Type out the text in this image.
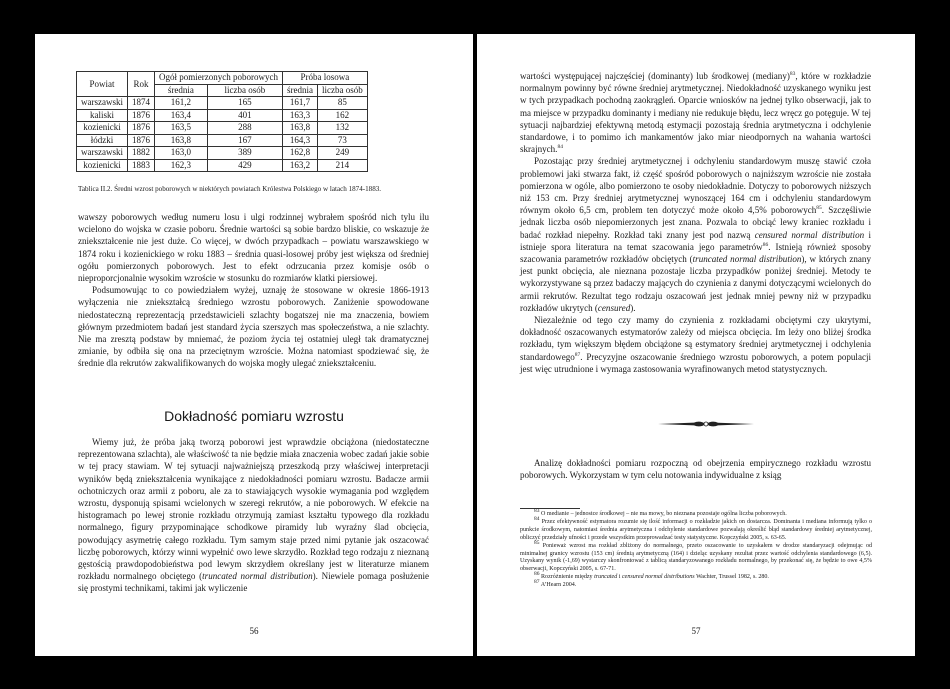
Powiat	Rok	Ogół pomierzonych poborowych		Próba losowa	
		średnia	liczba osób	średnia	liczba osób
warszawski	1874	161,2	165	161,7	85
kaliski	1876	163,4	401	163,3	162
kozienicki	1876	163,5	288	163,8	132
łódzki	1876	163,8	167	164,3	73
warszawski	1882	163,0	389	162,8	249
kozienicki	1883	162,3	429	163,2	214
Tablica II.2. Średni wzrost poborowych w niektórych powiatach Królestwa Polskiego w latach 1874-1883.

wawszy poborowych według numeru losu i ulgi rodzinnej wybrałem spośród nich tylu ilu wcielono do wojska w czasie poboru. Średnie wartości są sobie bardzo bliskie, co wskazuje że zniekształcenie nie jest duże. Co więcej, w dwóch przypadkach – powiatu warszawskiego w 1874 roku i kozienickiego w roku 1883 – średnia quasi-losowej próby jest większa od średniej ogółu pomierzonych poborowych. Jest to efekt odrzucania przez komisje osób o nieproporcjonalnie wysokim wzroście w stosunku do rozmiarów klatki piersiowej.

Podsumowując to co powiedziałem wyżej, uznaję że stosowane w okresie 1866-1913 wyłączenia nie zniekształcą średniego wzrostu poborowych. Zaniżenie spowodowane niedostateczną reprezentacją przedstawicieli szlachty bogatszej nie ma znaczenia, bowiem głównym przedmiotem badań jest standard życia szerszych mas społeczeństwa, a nie szlachty. Nie ma zresztą podstaw by mniemać, że poziom życia tej ostatniej uległ tak dramatycznej zmianie, by odbiła się ona na przeciętnym wzroście. Można natomiast spodziewać się, że średnie dla rekrutów zakwalifikowanych do wojska mogły ulegać zniekształceniu.

Dokładność pomiaru wzrostu

Wiemy już, że próba jaką tworzą poborowi jest wprawdzie obciążona (niedostateczne reprezentowana szlachta), ale właściwość ta nie będzie miała znaczenia wobec zadań jakie sobie w tej pracy stawiam. W tej sytuacji najważniejszą przeszkodą przy właściwej interpretacji wyników będą zniekształcenia wynikające z niedokładności pomiaru wzrostu. Badacze armii ochotniczych oraz armii z poboru, ale za to stawiających wysokie wymagania pod względem wzrostu, dysponują spisami wcielonych w szeregi rekrutów, a nie poborowych. W efekcie na histogramach po lewej stronie rozkładu otrzymują zamiast kształtu typowego dla rozkładu normalnego, figury przypominające schodkowe piramidy lub wyraźny ślad obcięcia, powodujący asymetrię całego rozkładu. Tym samym staje przed nimi pytanie jak oszacować liczbę poborowych, którzy winni wypełnić owo lewe skrzydło. Rozkład tego rodzaju z nieznaną gęstością prawdopodobieństwa pod lewym skrzydłem określany jest w literaturze mianem rozkładu normalnego obciętego (truncated normal distribution). Niewiele pomaga posłużenie się prostymi technikami, takimi jak wyliczenie

56

wartości występującej najczęściej (dominanty) lub środkowej (mediany)$^{83}$, które w rozkładzie normalnym powinny być równe średniej arytmetycznej. Niedokładność uzyskanego wyniku jest w tych przypadkach pochodną zaokrągleń. Oparcie wniosków na jednej tylko obserwacji, jak to ma miejsce w przypadku dominanty i mediany nie redukuje błędu, lecz wręcz go potęguje. W tej sytuacji najbardziej efektywną metodą estymacji pozostają średnia arytmetyczna i odchylenie standardowe, i to pomimo ich mankamentów jako miar nieodpornych na wahania wartości skrajnych.$^{84}$

Pozostając przy średniej arytmetycznej i odchyleniu standardowym muszę stawić czoła problemowi jaki stwarza fakt, iż część spośród poborowych o najniższym wzroście nie została pomierzona w ogóle, albo pomierzono te osoby niedokładnie. Dotyczy to poborowych niższych niż 153 cm. Przy średniej arytmetycznej wynoszącej 164 cm i odchyleniu standardowym równym około 6,5 cm, problem ten dotyczyć może około 4,5% poborowych$^{85}$. Szczęśliwie jednak liczba osób niepomierzonych jest znana. Pozwala to obciąć lewy kraniec rozkładu i badać rozkład niepełny. Rozkład taki znany jest pod nazwą censured normal distribution i istnieje spora literatura na temat szacowania jego parametrów$^{86}$. Istnieją również sposoby szacowania parametrów rozkładów obciętych (truncated normal distribution), w których znany jest punkt obcięcia, ale nieznana pozostaje liczba przypadków poniżej średniej. Metody te wykorzystywane są przez badaczy mających do czynienia z danymi dotyczącymi wcielonych do armii rekrutów. Rezultat tego rodzaju oszacowań jest jednak mniej pewny niż w przypadku rozkładów ukrytych (censured).

Niezależnie od tego czy mamy do czynienia z rozkładami obciętymi czy ukrytymi, dokładność oszacowanych estymatorów zależy od miejsca obcięcia. Im leży ono bliżej środka rozkładu, tym większym błędem obciążone są estymatory średniej arytmetycznej i odchylenia standardowego$^{87}$. Precyzyjne oszacowanie średniego wzrostu poborowych, a potem populacji jest więc utrudnione i wymaga zastosowania wyrafinowanych metod statystycznych.

Analizę dokładności pomiaru rozpoczną od obejrzenia empirycznego rozkładu wzrostu poborowych. Wykorzystam w tym celu notowania indywidualne z ksiąg

$^{83}$ O medianie – jednostce środkowej – nie ma mowy, bo nieznana pozostaje ogólna liczba poborowych.

$^{84}$ Przez efektywność estymatora rozumie się ilość informacji o rozkładzie jakich on dostarcza. Dominanta i mediana informują tylko o punkcie środkowym, natomiast średnia arytmetyczna i odchylenie standardowe pozwalają określić błąd standardowy średniej arytmetycznej, obliczyć przedziały ufności i przede wszystkim przeprowadzać testy statystyczne. Kopczyński 2005, s. 63-65.

$^{85}$ Ponieważ wzrost ma rozkład zbliżony do normalnego, przeto oszacowanie to uzyskałem w drodze standaryzacji odejmując od minimalnej granicy wzrostu (153 cm) średnią arytmetyczną (164) i dzieląc uzyskany rezultat przez wartość odchylenia standardowego (6,5). Uzyskany wynik (-1,69) wystarczy skonfrontować z tablicą standaryzowanego rozkładu normalnego, by przekonać się, że będzie to owe 4,5% obserwacji, Kopczyński 2005, s. 67-71.

$^{86}$ Rozróżnienie między truncated i censured normal distributions Wachter, Trussel 1982, s. 280.

$^{87}$ A’Hearn 2004.

57
